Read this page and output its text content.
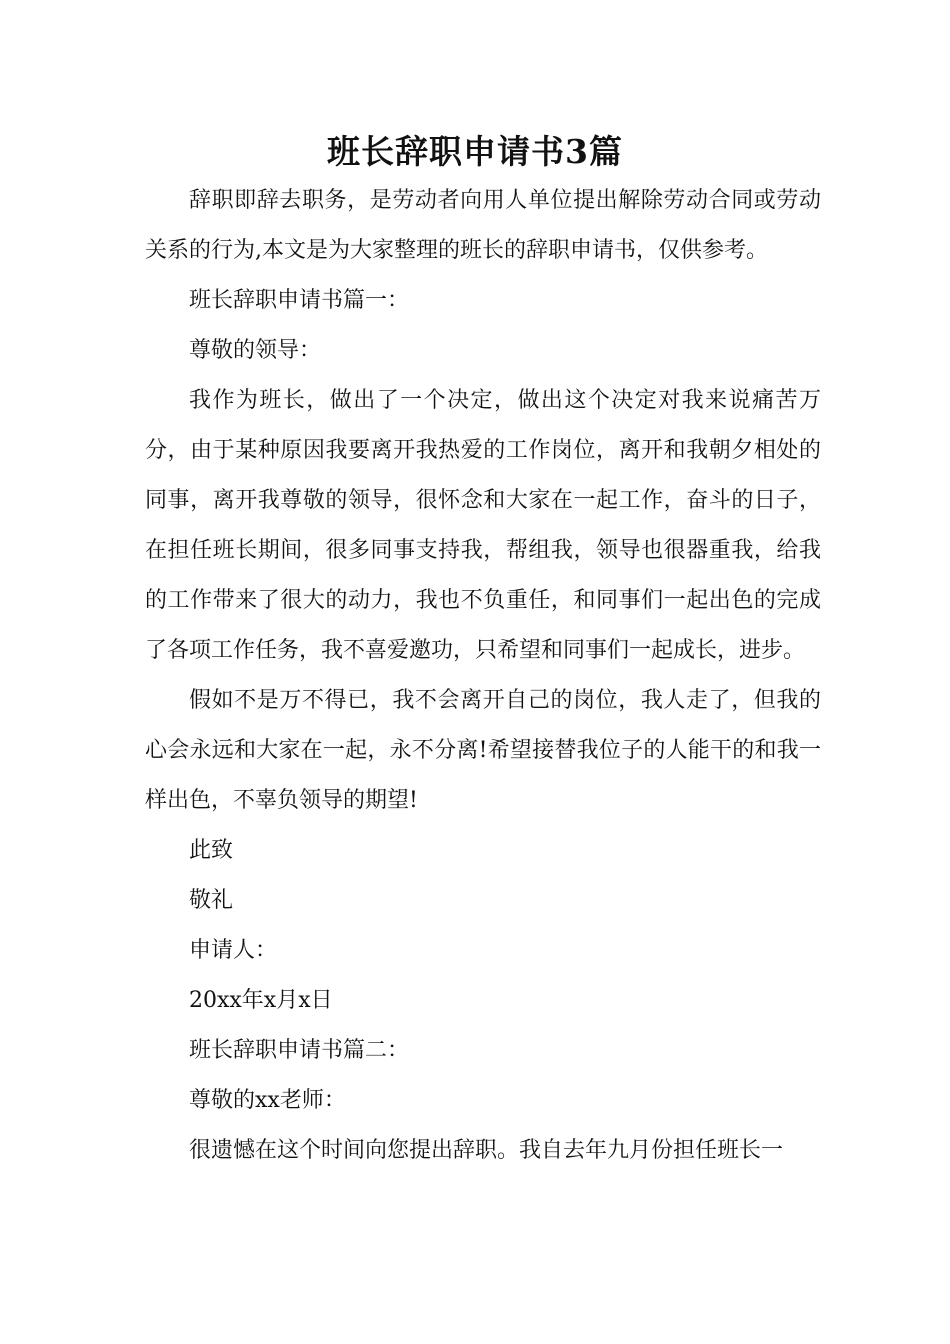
班长辞职申请书3篇

辞职即辞去职务，是劳动者向用人单位提出解除劳动合同或劳动关系的行为,本文是为大家整理的班长的辞职申请书，仅供参考。

班长辞职申请书篇一：

尊敬的领导：

我作为班长，做出了一个决定，做出这个决定对我来说痛苦万分，由于某种原因我要离开我热爱的工作岗位，离开和我朝夕相处的同事，离开我尊敬的领导，很怀念和大家在一起工作，奋斗的日子，在担任班长期间，很多同事支持我，帮组我，领导也很器重我，给我的工作带来了很大的动力，我也不负重任，和同事们一起出色的完成了各项工作任务，我不喜爱邀功，只希望和同事们一起成长，进步。

假如不是万不得已，我不会离开自己的岗位，我人走了，但我的心会永远和大家在一起，永不分离!希望接替我位子的人能干的和我一样出色，不辜负领导的期望!

此致

敬礼

申请人：

20xx年x月x日

班长辞职申请书篇二：

尊敬的xx老师：

很遗憾在这个时间向您提出辞职。我自去年九月份担任班长一
